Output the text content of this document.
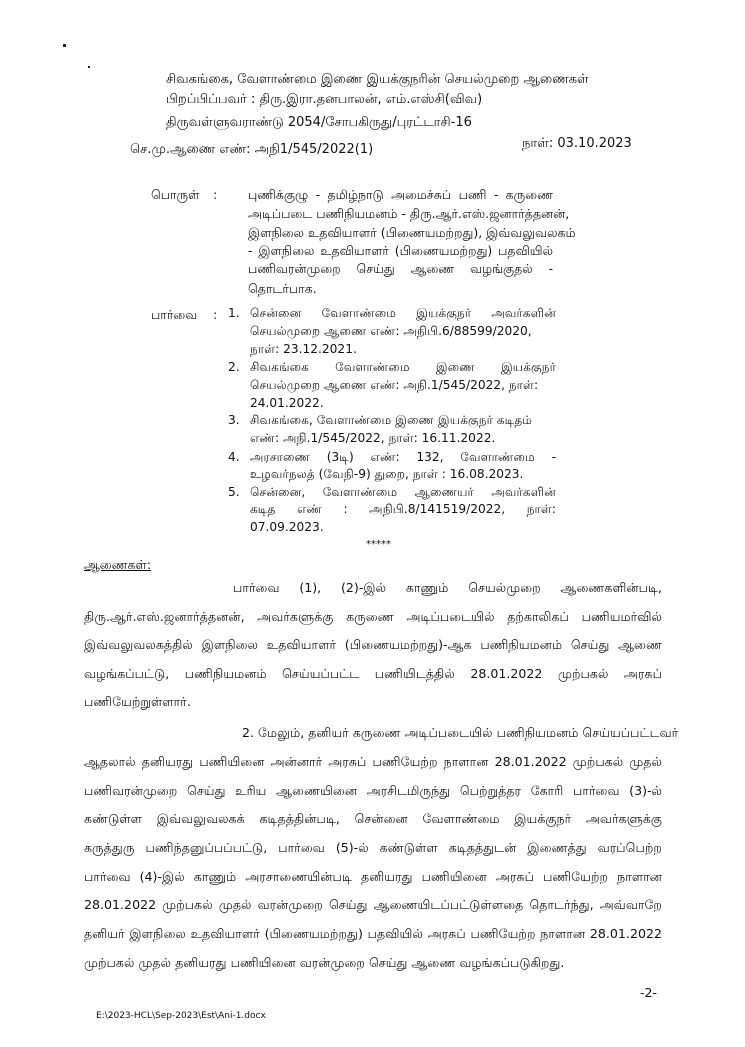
சிவகங்கை, வேளாண்மை இணை இயக்குநரின் செயல்முறை ஆணைகள்
பிறப்பிப்பவர் : திரு.இரா.தனபாலன், எம்.எஸ்சி(விவ)
திருவள்ளுவராண்டு 2054/சோபகிருது/புரட்டாசி-16
செ.மு.ஆணை எண்: அநி1/545/2022(1)	நாள்: 03.10.2023
பொருள் : புணிக்குழு - தமிழ்நாடு அமைச்சுப் பணி - கருணை
அடிப்படை பணிநியமனம் - திரு.ஆர்.எஸ்.ஜனார்த்தனன்,
இளநிலை உதவியாளர் (பிணையமற்றது), இவ்வலுவலகம்
- இளநிலை உதவியாளர் (பிணையமற்றது) பதவியில்
பணிவரன்முறை செய்து ஆணை வழங்குதல் -
தொடர்பாக.
பார்வை : 1. சென்னை வேளாண்மை இயக்குநர் அவர்களின்
செயல்முறை ஆணை எண்: அநிபி.6/88599/2020,
நாள்: 23.12.2021.
2. சிவகங்கை வேளாண்மை இணை இயக்குநர்
செயல்முறை ஆணை எண்: அநி.1/545/2022, நாள்:
24.01.2022.
3. சிவகங்கை, வேளாண்மை இணை இயக்குநர் கடிதம்
எண்: அநி.1/545/2022, நாள்: 16.11.2022.
4. அரசாணை (3டி) எண்: 132, வேளாண்மை -
உழவர்நலத் (வேநி-9) துறை, நாள் : 16.08.2023.
5. சென்னை, வேளாண்மை ஆணையர் அவர்களின்
கடித எண் : அநிபி.8/141519/2022, நாள்:
07.09.2023.
*****
ஆணைகள்:
பார்வை (1), (2)-இல் காணும் செயல்முறை ஆணைகளின்படி,
திரு.ஆர்.எஸ்.ஜனார்த்தனன், அவர்களுக்கு கருணை அடிப்படையில் தற்காலிகப் பணியமர்வில்
இவ்வலுவலகத்தில் இளநிலை உதவியாளர் (பிணையமற்றது)-ஆக பணிநியமனம் செய்து ஆணை
வழங்கப்பட்டு, பணிநியமனம் செய்யப்பட்ட பணியிடத்தில் 28.01.2022 முற்பகல் அரசுப்
பணியேற்றுள்ளார்.
2. மேலும், தனியர் கருணை அடிப்படையில் பணிநியமனம் செய்யப்பட்டவர்
ஆதலால் தனியரது பணியினை அன்னார் அரசுப் பணியேற்ற நாளான 28.01.2022 முற்பகல் முதல்
பணிவரன்முறை செய்து உரிய ஆணையினை அரசிடமிருந்து பெற்றுத்தர கோரி பார்வை (3)-ல்
கண்டுள்ள இவ்வலுவலகக் கடிதத்தின்படி, சென்னை வேளாண்மை இயக்குநர் அவர்களுக்கு
கருத்துரு பணிந்தனுப்பப்பட்டு, பார்வை (5)-ல் கண்டுள்ள கடிதத்துடன் இணைத்து வரப்பெற்ற
பார்வை (4)-இல் காணும் அரசாணையின்படி தனியரது பணியினை அரசுப் பணியேற்ற நாளான
28.01.2022 முற்பகல் முதல் வரன்முறை செய்து ஆணையிடப்பட்டுள்ளதை தொடர்ந்து, அவ்வாறே
தனியர் இளநிலை உதவியாளர் (பிணையமற்றது) பதவியில் அரசுப் பணியேற்ற நாளான 28.01.2022
முற்பகல் முதல் தனியரது பணியினை வரன்முறை செய்து ஆணை வழங்கப்படுகிறது.
-2-
E:\2023-HCL\Sep-2023\Est\Ani-1.docx
